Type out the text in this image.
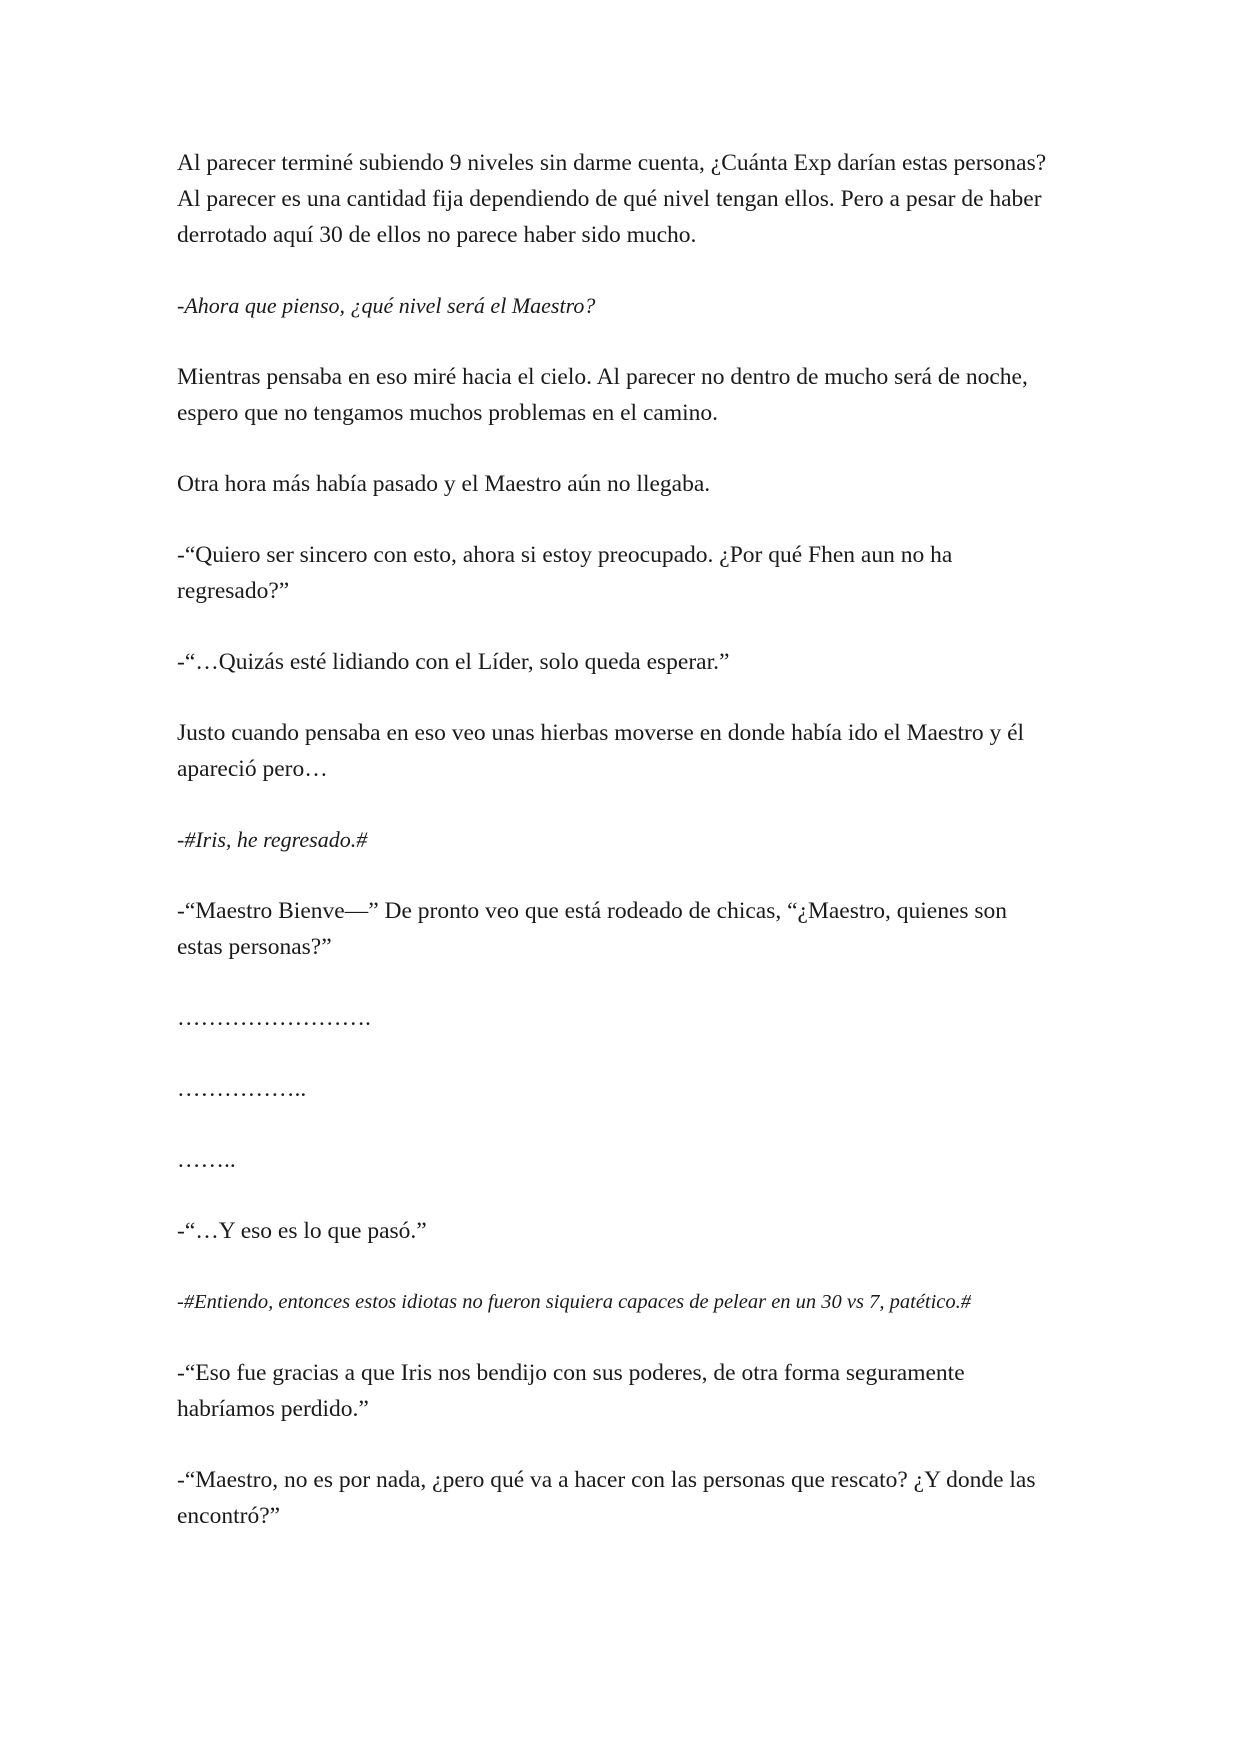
Al parecer terminé subiendo 9 niveles sin darme cuenta, ¿Cuánta Exp darían estas personas? Al parecer es una cantidad fija dependiendo de qué nivel tengan ellos. Pero a pesar de haber derrotado aquí 30 de ellos no parece haber sido mucho.

-Ahora que pienso, ¿qué nivel será el Maestro?

Mientras pensaba en eso miré hacia el cielo. Al parecer no dentro de mucho será de noche, espero que no tengamos muchos problemas en el camino.

Otra hora más había pasado y el Maestro aún no llegaba.

-“Quiero ser sincero con esto, ahora si estoy preocupado. ¿Por qué Fhen aun no ha regresado?”

-“…Quizás esté lidiando con el Líder, solo queda esperar.”

Justo cuando pensaba en eso veo unas hierbas moverse en donde había ido el Maestro y él apareció pero…

-#Iris, he regresado.#

-“Maestro Bienve—” De pronto veo que está rodeado de chicas, “¿Maestro, quienes son estas personas?”

…………………….

……………..

……..

-“…Y eso es lo que pasó.”

-#Entiendo, entonces estos idiotas no fueron siquiera capaces de pelear en un 30 vs 7, patético.#

-“Eso fue gracias a que Iris nos bendijo con sus poderes, de otra forma seguramente habríamos perdido.”

-“Maestro, no es por nada, ¿pero qué va a hacer con las personas que rescato? ¿Y donde las encontró?”
